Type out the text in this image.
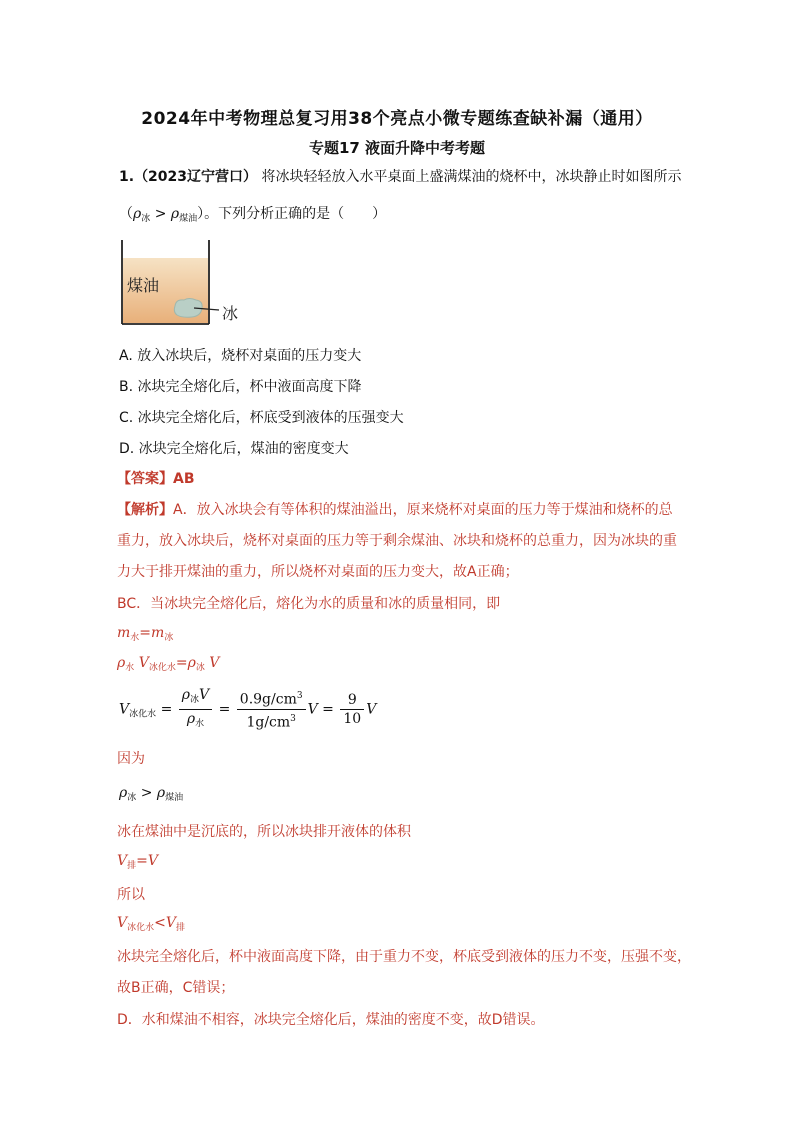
2024年中考物理总复习用38个亮点小微专题练查缺补漏（通用）
专题17 液面升降中考考题
1.（2023辽宁营口） 将冰块轻轻放入水平桌面上盛满煤油的烧杯中，冰块静止时如图所示
$(\rho_冰 > \rho_{煤油})$。下列分析正确的是（　　）
煤油
冰
A. 放入冰块后，烧杯对桌面的压力变大
B. 冰块完全熔化后，杯中液面高度下降
C. 冰块完全熔化后，杯底受到液体的压强变大
D. 冰块完全熔化后，煤油的密度变大
【答案】AB
【解析】A．放入冰块会有等体积的煤油溢出，原来烧杯对桌面的压力等于煤油和烧杯的总
重力，放入冰块后，烧杯对桌面的压力等于剩余煤油、冰块和烧杯的总重力，因为冰块的重
力大于排开煤油的重力，所以烧杯对桌面的压力变大，故A正确；
BC．当冰块完全熔化后，熔化为水的质量和冰的质量相同，即
$m_水=m_冰$
$\rho_水$ $V_{冰化水}=\rho_冰$ V
$V_{冰化水} = \frac{\rho_冰V}{\rho_水} = \frac{0.9g/cm^3}{1g/cm^3}$ $V = \frac{9}{10}$ V
因为
$\rho_冰 > \rho_{煤油}$
冰在煤油中是沉底的，所以冰块排开液体的体积
$V_排=V$
所以
$V_{冰化水}<V_排$
冰块完全熔化后，杯中液面高度下降，由于重力不变，杯底受到液体的压力不变，压强不变，
故B正确，C错误；
D．水和煤油不相容，冰块完全熔化后，煤油的密度不变，故D错误。
